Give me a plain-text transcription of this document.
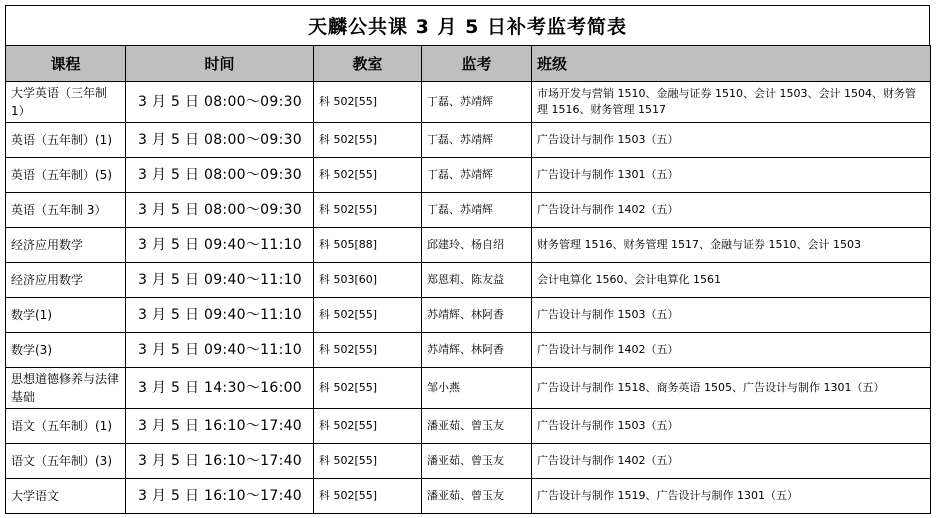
天麟公共课 3 月 5 日补考监考简表
课程	时间	教室	监考	班级
大学英语（三年制 1）	3 月 5 日 08:00～09:30	科 502[55]	丁磊、苏靖辉	市场开发与营销 1510、金融与证券 1510、会计 1503、会计 1504、财务管理 1516、财务管理 1517
英语（五年制）(1)	3 月 5 日 08:00～09:30	科 502[55]	丁磊、苏靖辉	广告设计与制作 1503（五）
英语（五年制）(5)	3 月 5 日 08:00～09:30	科 502[55]	丁磊、苏靖辉	广告设计与制作 1301（五）
英语（五年制 3）	3 月 5 日 08:00～09:30	科 502[55]	丁磊、苏靖辉	广告设计与制作 1402（五）
经济应用数学	3 月 5 日 09:40～11:10	科 505[88]	邱建玲、杨自绍	财务管理 1516、财务管理 1517、金融与证券 1510、会计 1503
经济应用数学	3 月 5 日 09:40～11:10	科 503[60]	郑恩莉、陈友益	会计电算化 1560、会计电算化 1561
数学(1)	3 月 5 日 09:40～11:10	科 502[55]	苏靖辉、林阿香	广告设计与制作 1503（五）
数学(3)	3 月 5 日 09:40～11:10	科 502[55]	苏靖辉、林阿香	广告设计与制作 1402（五）
思想道德修养与法律基础	3 月 5 日 14:30～16:00	科 502[55]	邹小燕	广告设计与制作 1518、商务英语 1505、广告设计与制作 1301（五）
语文（五年制）(1)	3 月 5 日 16:10～17:40	科 502[55]	潘亚茹、曾玉友	广告设计与制作 1503（五）
语文（五年制）(3)	3 月 5 日 16:10～17:40	科 502[55]	潘亚茹、曾玉友	广告设计与制作 1402（五）
大学语文	3 月 5 日 16:10～17:40	科 502[55]	潘亚茹、曾玉友	广告设计与制作 1519、广告设计与制作 1301（五）
